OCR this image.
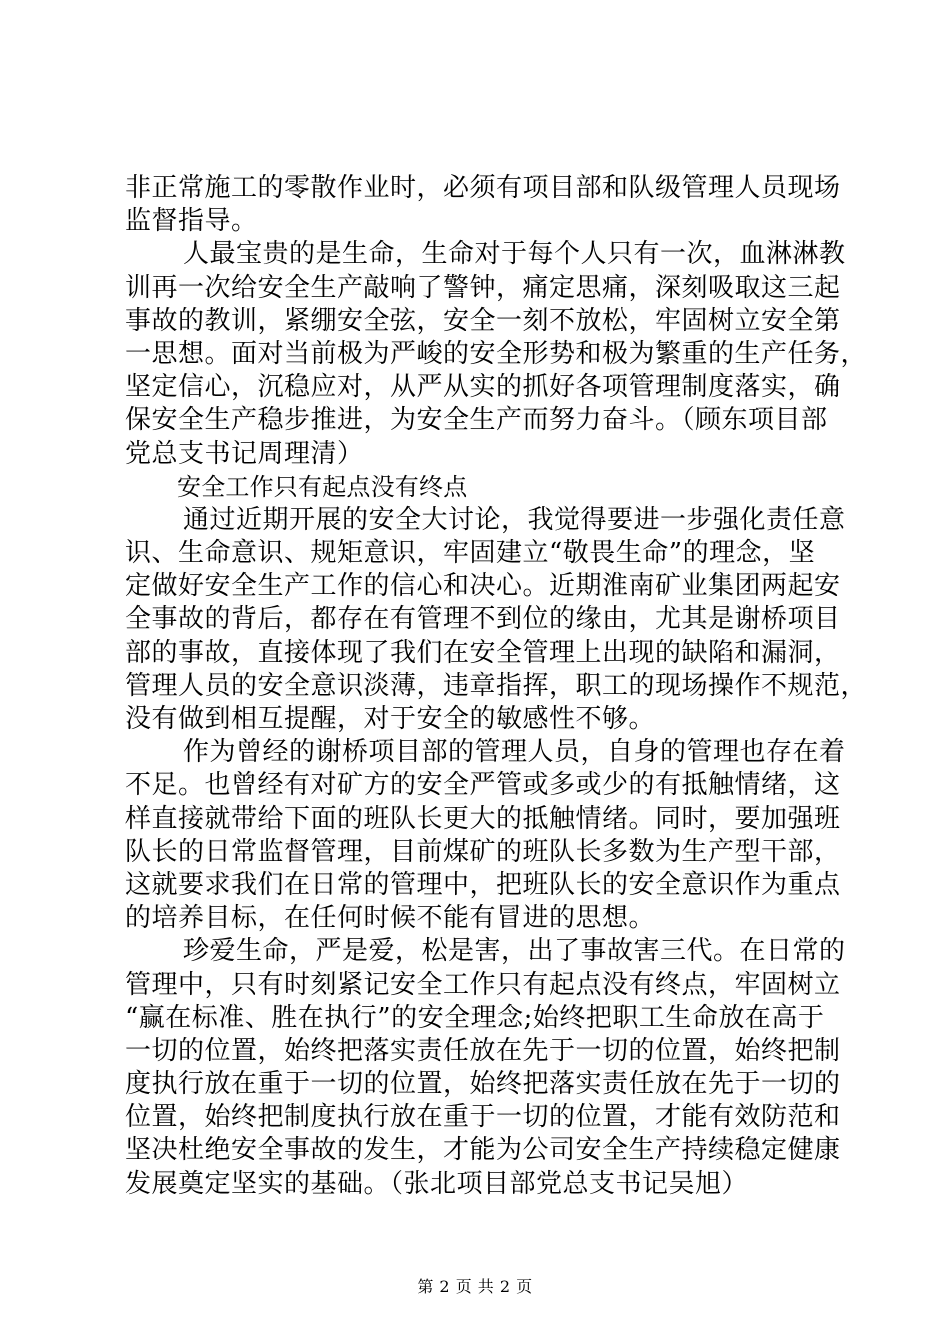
非正常施工的零散作业时，必须有项目部和队级管理人员现场
监督指导。
人最宝贵的是生命，生命对于每个人只有一次，血淋淋教
训再一次给安全生产敲响了警钟，痛定思痛，深刻吸取这三起
事故的教训，紧绷安全弦，安全一刻不放松，牢固树立安全第
一思想。面对当前极为严峻的安全形势和极为繁重的生产任务，
坚定信心，沉稳应对，从严从实的抓好各项管理制度落实，确
保安全生产稳步推进，为安全生产而努力奋斗。（顾东项目部
党总支书记周理清）
安全工作只有起点没有终点
通过近期开展的安全大讨论，我觉得要进一步强化责任意
识、生命意识、规矩意识，牢固建立“敬畏生命”的理念，坚
定做好安全生产工作的信心和决心。近期淮南矿业集团两起安
全事故的背后，都存在有管理不到位的缘由，尤其是谢桥项目
部的事故，直接体现了我们在安全管理上出现的缺陷和漏洞，
管理人员的安全意识淡薄，违章指挥，职工的现场操作不规范，
没有做到相互提醒，对于安全的敏感性不够。
作为曾经的谢桥项目部的管理人员，自身的管理也存在着
不足。也曾经有对矿方的安全严管或多或少的有抵触情绪，这
样直接就带给下面的班队长更大的抵触情绪。同时，要加强班
队长的日常监督管理，目前煤矿的班队长多数为生产型干部，
这就要求我们在日常的管理中，把班队长的安全意识作为重点
的培养目标，在任何时候不能有冒进的思想。
珍爱生命，严是爱，松是害，出了事故害三代。在日常的
管理中，只有时刻紧记安全工作只有起点没有终点，牢固树立
“赢在标准、胜在执行”的安全理念;始终把职工生命放在高于
一切的位置，始终把落实责任放在先于一切的位置，始终把制
度执行放在重于一切的位置，始终把落实责任放在先于一切的
位置，始终把制度执行放在重于一切的位置，才能有效防范和
坚决杜绝安全事故的发生，才能为公司安全生产持续稳定健康
发展奠定坚实的基础。（张北项目部党总支书记吴旭）
第 2 页 共 2 页
